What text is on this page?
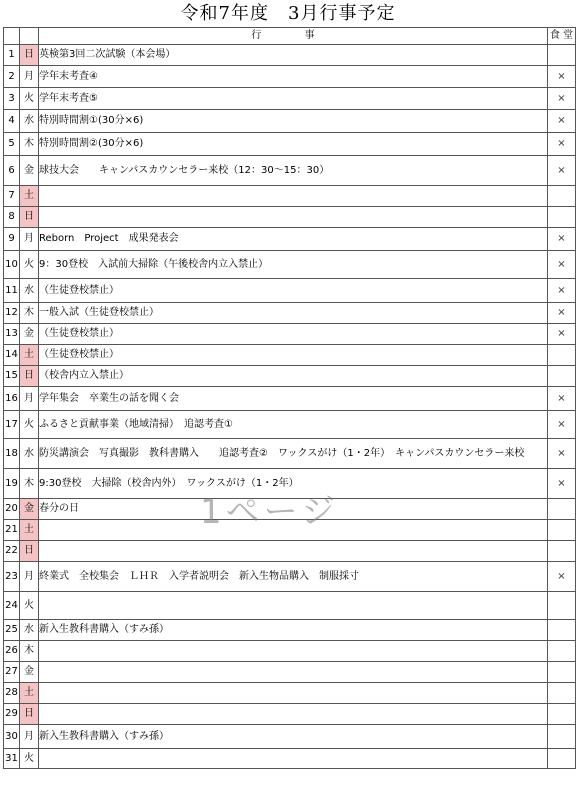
令和7年度　3月行事予定
		行 事	食 堂
1	日	英検第3回二次試験（本会場）	
2	月	学年末考査④	×
3	火	学年末考査⑤	×
4	水	特別時間割①(30分×6)	×
5	木	特別時間割②(30分×6)	×
6	金	球技大会　　キャンパスカウンセラー来校（12：30～15：30）	×
7	土		
8	日		
9	月	Reborn　Project　成果発表会	×
10	火	9：30登校　入試前大掃除（午後校舎内立入禁止）	×
11	水	（生徒登校禁止）	×
12	木	一般入試（生徒登校禁止）	×
13	金	（生徒登校禁止）	×
14	土	（生徒登校禁止）	
15	日	（校舎内立入禁止）	
16	月	学年集会　卒業生の話を聞く会	×
17	火	ふるさと貢献事業（地域清掃）　追認考査①	×
18	水	防災講演会　写真撮影　教科書購入　　追認考査②　ワックスがけ（1・2年）　キャンパスカウンセラー来校	×
19	木	9:30登校　大掃除（校舎内外）　ワックスがけ（1・2年）	×
20	金	春分の日	
21	土		
22	日		
23	月	終業式　全校集会　ＬＨＲ　入学者説明会　新入生物品購入　制服採寸	×
24	火		
25	水	新入生教科書購入（すみ孫）	
26	木		
27	金		
28	土		
29	日		
30	月	新入生教科書購入（すみ孫）	
31	火		
1ページ
